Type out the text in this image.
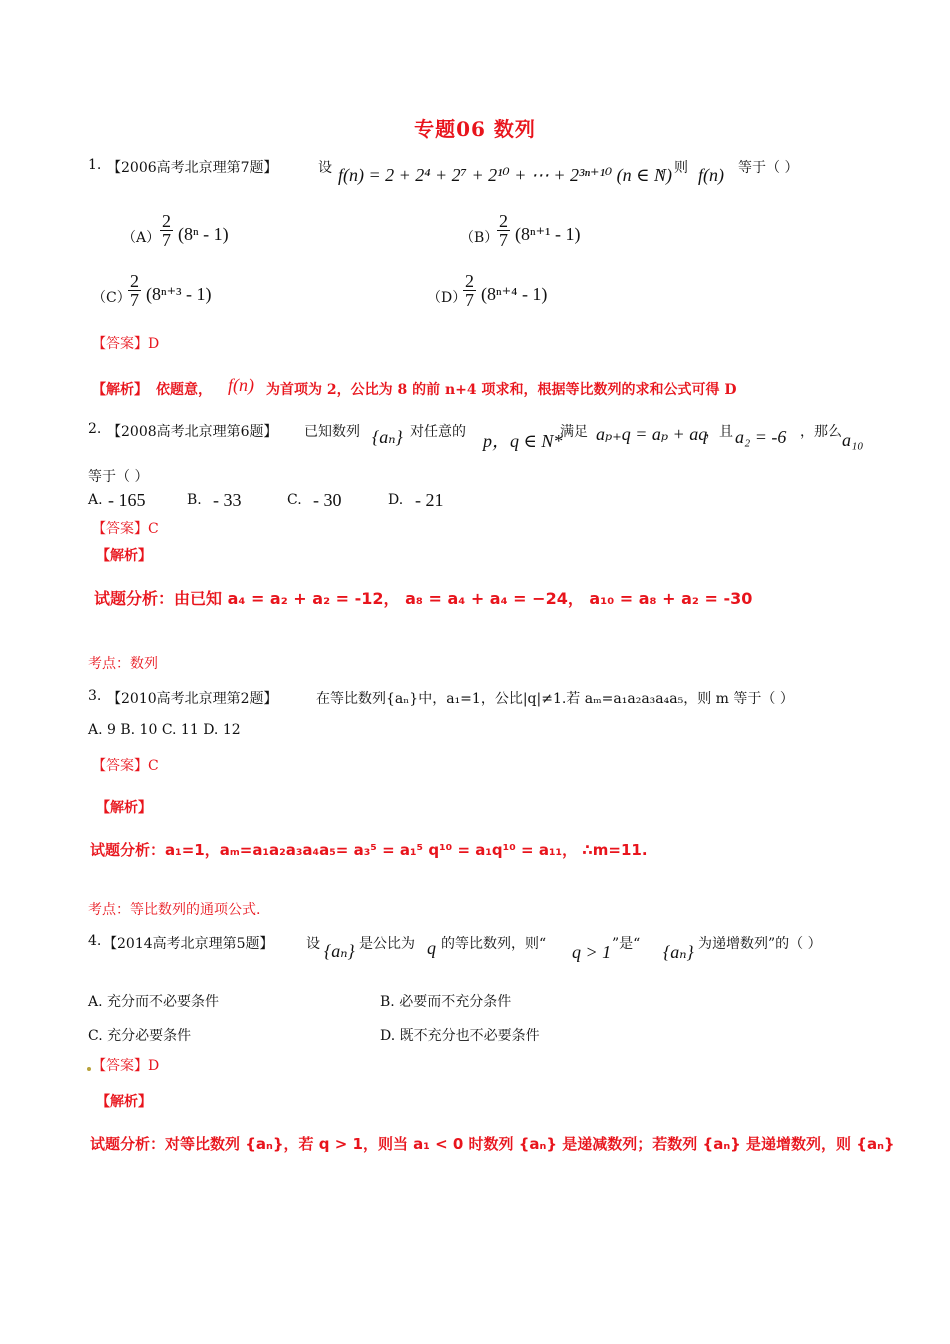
专题06 数列
1. 【2006高考北京理第7题】	设 f(n) = 2 + 2⁴ + 2⁷ + 2¹⁰ + ⋯ + 2³ⁿ⁺¹⁰ (n ∈ N)
，则 f(n) 等于（ ）
$(A) \frac{2}{7} (8^n - 1)$	（B）
$\frac{2}{7} (8^{n+1} - 1)$
（C）
$\frac{2}{7} (8^{n+3} - 1)$	（D）
$\frac{2}{7} (8^{n+4} - 1)$
【答案】D
【解析】 依题意， f(n) 为首项为 2，公比为 8 的前 n+4 项求和，根据等比数列的求和公式可得 D
2. 【2008高考北京理第6题】 已知数列 {aₙ} 对任意的 p，q ∈ N*
满足 aₚ₊q = aₚ + aq
，且 a₂ = -6 ，那么 a₁₀
等于（ ）
A. - 165	B. - 33	C. - 30	D. - 21
【答案】C
【解析】
试题分析：由已知 a₄ = a₂ + a₂ = -12， a₈ = a₄ + a₄ = −24， a₁₀ = a₈ + a₂ = -30
考点：数列
3. 【2010高考北京理第2题】	在等比数列{aₙ}中，a₁=1，公比|q|≠1.若 aₘ=a₁a₂a₃a₄a₅，则 m 等于（ ）
A. 9 B. 10 C. 11 D. 12
【答案】C
【解析】
试题分析：a₁=1，aₘ=a₁a₂a₃a₄a₅= a₃⁵ = a₁⁵ q¹⁰ = a₁q¹⁰ = a₁₁， ∴m=11.
考点：等比数列的通项公式.
4. 【2014高考北京理第5题】 设 {aₙ} 是公比为 q 的等比数列，则“ q > 1 ”是“ {aₙ} 为递增数列”的（ ）
A. 充分而不必要条件	B. 必要而不充分条件
C. 充分必要条件	D. 既不充分也不必要条件
【答案】D
【解析】
试题分析：对等比数列 {aₙ}，若 q > 1，则当 a₁ < 0 时数列 {aₙ} 是递减数列；若数列 {aₙ} 是递增数列，则 {aₙ}
